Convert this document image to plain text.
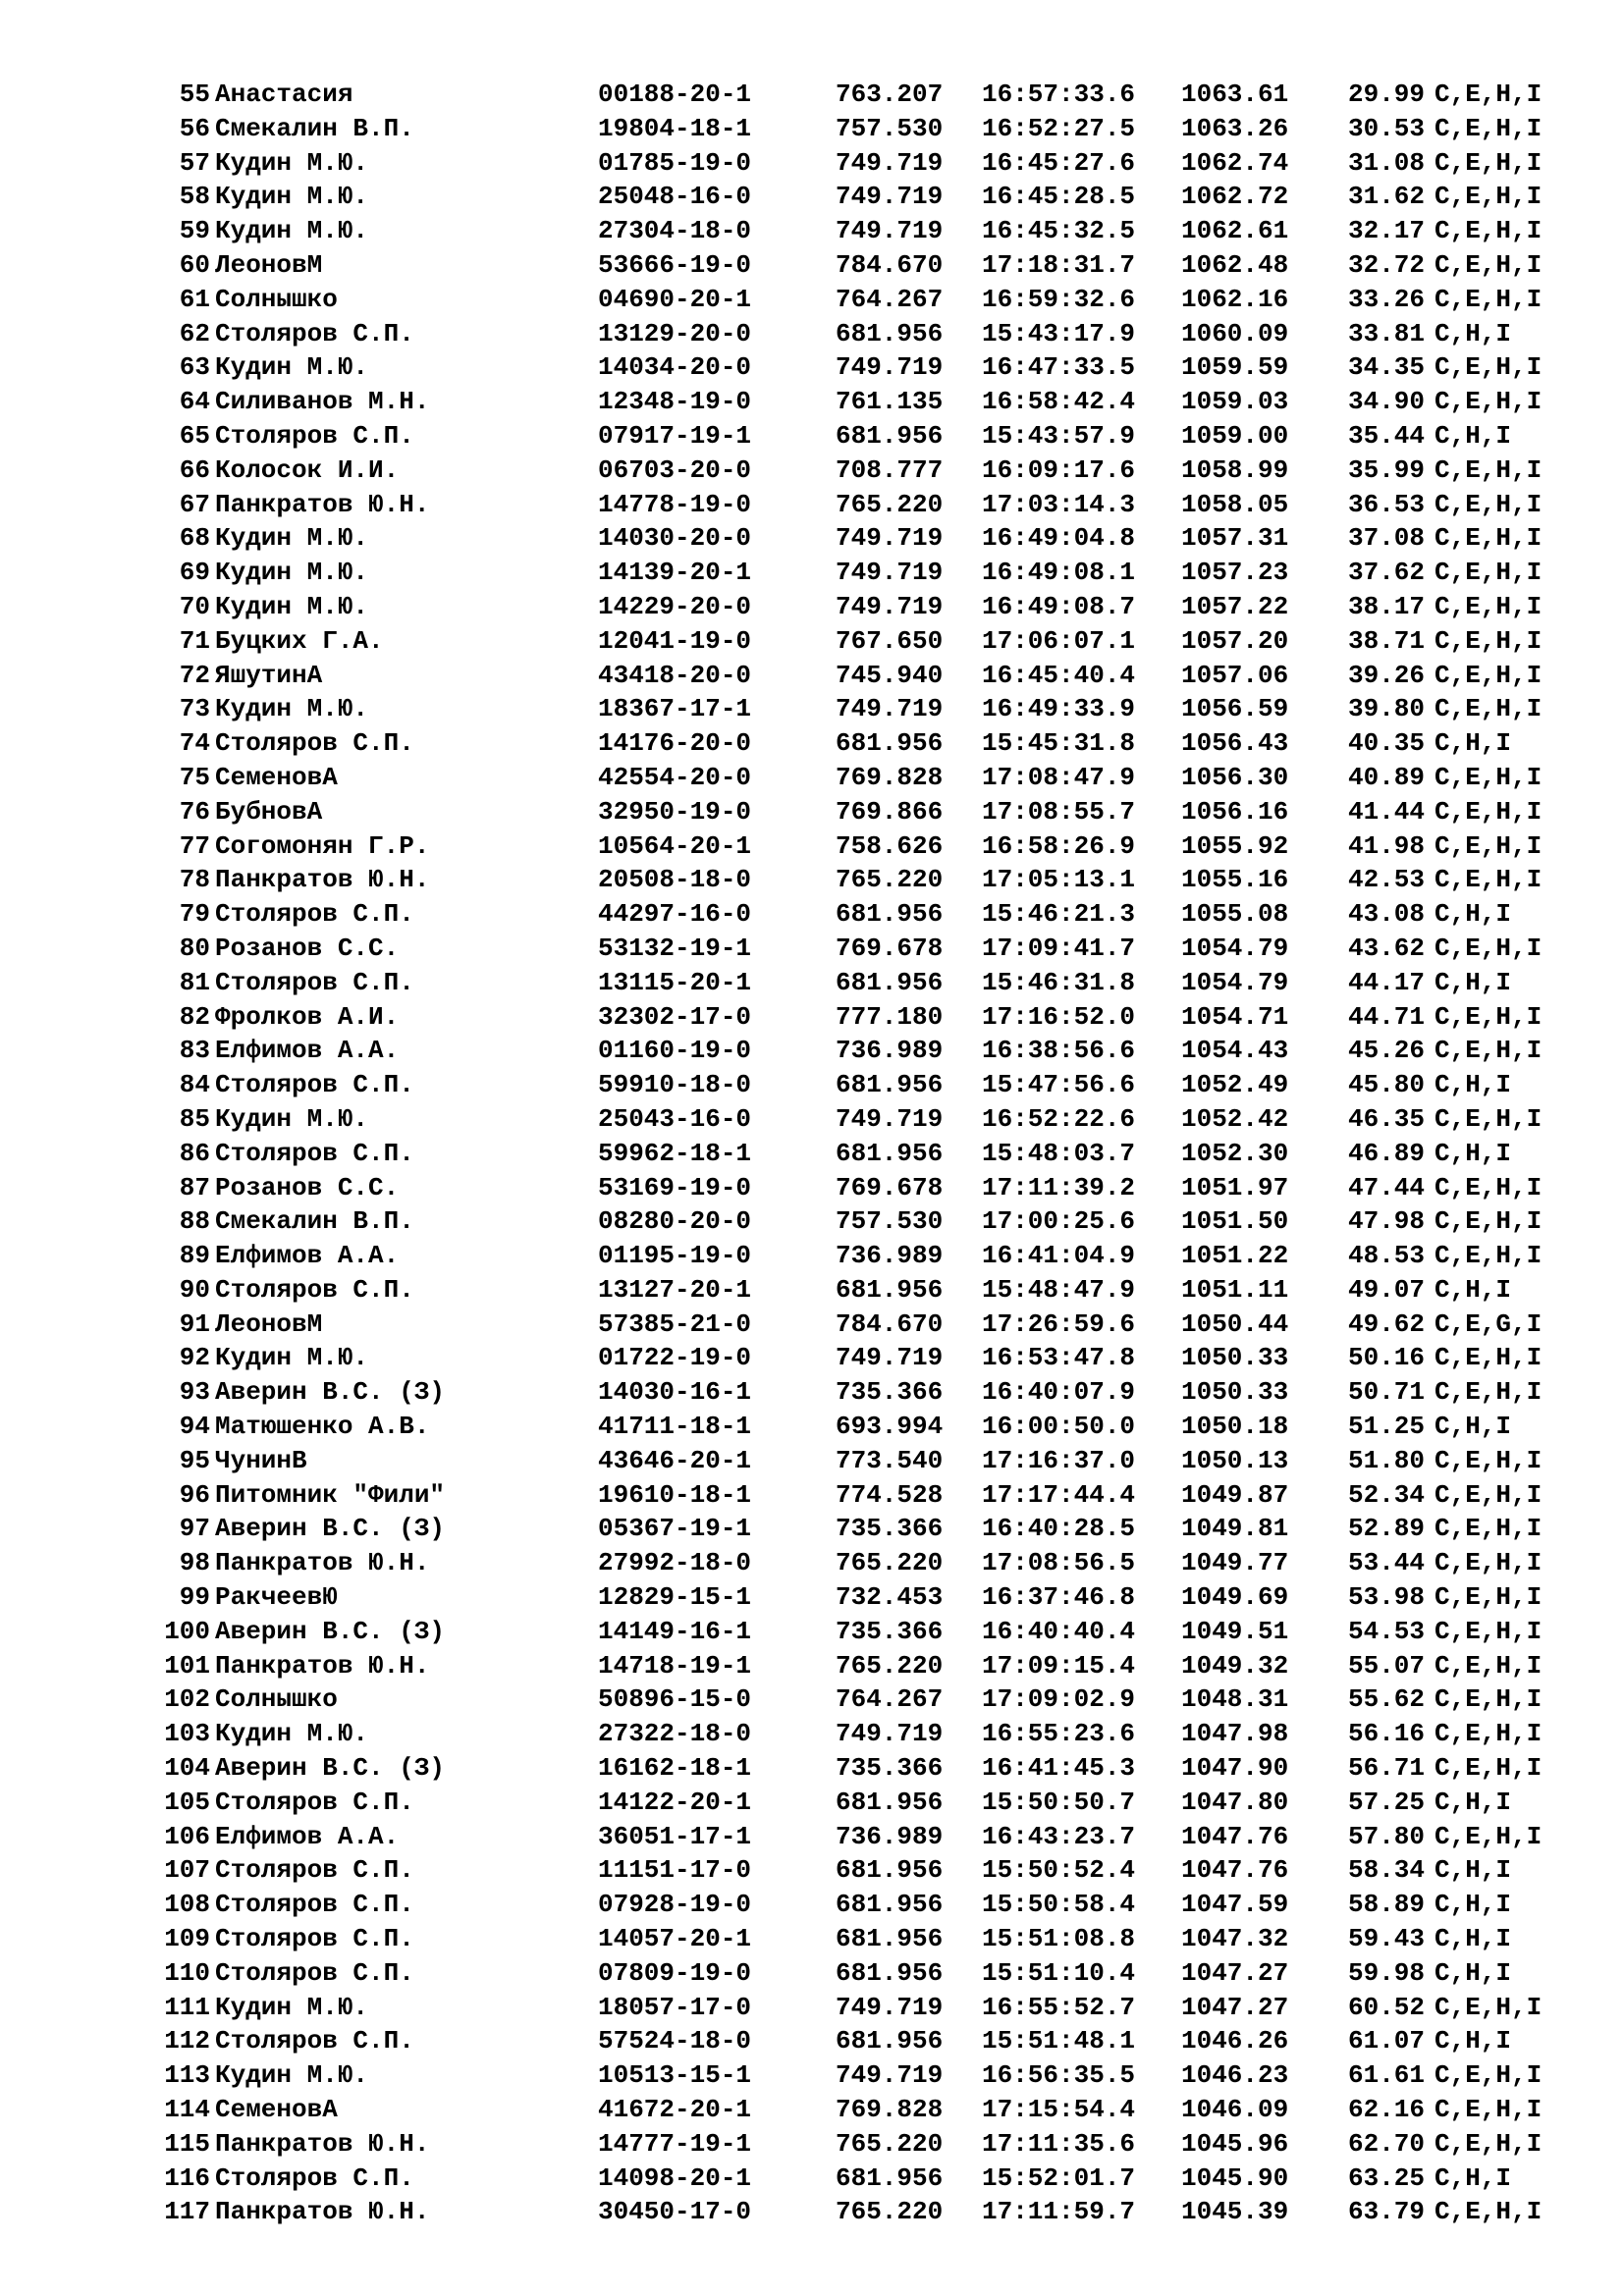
55 Анастасия	00188-20-1	763.207 16:57:33.6 1063.61 29.99 C,E,H,I
56 Смекалин В.П.	19804-18-1	757.530 16:52:27.5 1063.26 30.53 C,E,H,I
57 Кудин М.Ю.	01785-19-0	749.719 16:45:27.6 1062.74 31.08 C,E,H,I
58 Кудин М.Ю.	25048-16-0	749.719 16:45:28.5 1062.72 31.62 C,E,H,I
59 Кудин М.Ю.	27304-18-0	749.719 16:45:32.5 1062.61 32.17 C,E,H,I
60 ЛеоновМ	53666-19-0	784.670 17:18:31.7 1062.48 32.72 C,E,H,I
61 Солнышко	04690-20-1	764.267 16:59:32.6 1062.16 33.26 C,E,H,I
62 Столяров С.П.	13129-20-0	681.956 15:43:17.9 1060.09 33.81 C,H,I
63 Кудин М.Ю.	14034-20-0	749.719 16:47:33.5 1059.59 34.35 C,E,H,I
64 Силиванов М.Н.	12348-19-0	761.135 16:58:42.4 1059.03 34.90 C,E,H,I
65 Столяров С.П.	07917-19-1	681.956 15:43:57.9 1059.00 35.44 C,H,I
66 Колосок И.И.	06703-20-0	708.777 16:09:17.6 1058.99 35.99 C,E,H,I
67 Панкратов Ю.Н.	14778-19-0	765.220 17:03:14.3 1058.05 36.53 C,E,H,I
68 Кудин М.Ю.	14030-20-0	749.719 16:49:04.8 1057.31 37.08 C,E,H,I
69 Кудин М.Ю.	14139-20-1	749.719 16:49:08.1 1057.23 37.62 C,E,H,I
70 Кудин М.Ю.	14229-20-0	749.719 16:49:08.7 1057.22 38.17 C,E,H,I
71 Буцких Г.А.	12041-19-0	767.650 17:06:07.1 1057.20 38.71 C,E,H,I
72 ЯшутинА	43418-20-0	745.940 16:45:40.4 1057.06 39.26 C,E,H,I
73 Кудин М.Ю.	18367-17-1	749.719 16:49:33.9 1056.59 39.80 C,E,H,I
74 Столяров С.П.	14176-20-0	681.956 15:45:31.8 1056.43 40.35 C,H,I
75 СеменовА	42554-20-0	769.828 17:08:47.9 1056.30 40.89 C,E,H,I
76 БубновА	32950-19-0	769.866 17:08:55.7 1056.16 41.44 C,E,H,I
77 Согомонян Г.Р.	10564-20-1	758.626 16:58:26.9 1055.92 41.98 C,E,H,I
78 Панкратов Ю.Н.	20508-18-0	765.220 17:05:13.1 1055.16 42.53 C,E,H,I
79 Столяров С.П.	44297-16-0	681.956 15:46:21.3 1055.08 43.08 C,H,I
80 Розанов С.С.	53132-19-1	769.678 17:09:41.7 1054.79 43.62 C,E,H,I
81 Столяров С.П.	13115-20-1	681.956 15:46:31.8 1054.79 44.17 C,H,I
82 Фролков А.И.	32302-17-0	777.180 17:16:52.0 1054.71 44.71 C,E,H,I
83 Елфимов А.А.	01160-19-0	736.989 16:38:56.6 1054.43 45.26 C,E,H,I
84 Столяров С.П.	59910-18-0	681.956 15:47:56.6 1052.49 45.80 C,H,I
85 Кудин М.Ю.	25043-16-0	749.719 16:52:22.6 1052.42 46.35 C,E,H,I
86 Столяров С.П.	59962-18-1	681.956 15:48:03.7 1052.30 46.89 C,H,I
87 Розанов С.С.	53169-19-0	769.678 17:11:39.2 1051.97 47.44 C,E,H,I
88 Смекалин В.П.	08280-20-0	757.530 17:00:25.6 1051.50 47.98 C,E,H,I
89 Елфимов А.А.	01195-19-0	736.989 16:41:04.9 1051.22 48.53 C,E,H,I
90 Столяров С.П.	13127-20-1	681.956 15:48:47.9 1051.11 49.07 C,H,I
91 ЛеоновМ	57385-21-0	784.670 17:26:59.6 1050.44 49.62 C,E,G,I
92 Кудин М.Ю.	01722-19-0	749.719 16:53:47.8 1050.33 50.16 C,E,H,I
93 Аверин В.С. (З)	14030-16-1	735.366 16:40:07.9 1050.33 50.71 C,E,H,I
94 Матюшенко А.В.	41711-18-1	693.994 16:00:50.0 1050.18 51.25 C,H,I
95 ЧунинВ	43646-20-1	773.540 17:16:37.0 1050.13 51.80 C,E,H,I
96 Питомник "Фили"	19610-18-1	774.528 17:17:44.4 1049.87 52.34 C,E,H,I
97 Аверин В.С. (З)	05367-19-1	735.366 16:40:28.5 1049.81 52.89 C,E,H,I
98 Панкратов Ю.Н.	27992-18-0	765.220 17:08:56.5 1049.77 53.44 C,E,H,I
99 РакчеевЮ	12829-15-1	732.453 16:37:46.8 1049.69 53.98 C,E,H,I
100 Аверин В.С. (З)	14149-16-1	735.366 16:40:40.4 1049.51 54.53 C,E,H,I
101 Панкратов Ю.Н.	14718-19-1	765.220 17:09:15.4 1049.32 55.07 C,E,H,I
102 Солнышко	50896-15-0	764.267 17:09:02.9 1048.31 55.62 C,E,H,I
103 Кудин М.Ю.	27322-18-0	749.719 16:55:23.6 1047.98 56.16 C,E,H,I
104 Аверин В.С. (З)	16162-18-1	735.366 16:41:45.3 1047.90 56.71 C,E,H,I
105 Столяров С.П.	14122-20-1	681.956 15:50:50.7 1047.80 57.25 C,H,I
106 Елфимов А.А.	36051-17-1	736.989 16:43:23.7 1047.76 57.80 C,E,H,I
107 Столяров С.П.	11151-17-0	681.956 15:50:52.4 1047.76 58.34 C,H,I
108 Столяров С.П.	07928-19-0	681.956 15:50:58.4 1047.59 58.89 C,H,I
109 Столяров С.П.	14057-20-1	681.956 15:51:08.8 1047.32 59.43 C,H,I
110 Столяров С.П.	07809-19-0	681.956 15:51:10.4 1047.27 59.98 C,H,I
111 Кудин М.Ю.	18057-17-0	749.719 16:55:52.7 1047.27 60.52 C,E,H,I
112 Столяров С.П.	57524-18-0	681.956 15:51:48.1 1046.26 61.07 C,H,I
113 Кудин М.Ю.	10513-15-1	749.719 16:56:35.5 1046.23 61.61 C,E,H,I
114 СеменовА	41672-20-1	769.828 17:15:54.4 1046.09 62.16 C,E,H,I
115 Панкратов Ю.Н.	14777-19-1	765.220 17:11:35.6 1045.96 62.70 C,E,H,I
116 Столяров С.П.	14098-20-1	681.956 15:52:01.7 1045.90 63.25 C,H,I
117 Панкратов Ю.Н.	30450-17-0	765.220 17:11:59.7 1045.39 63.79 C,E,H,I
